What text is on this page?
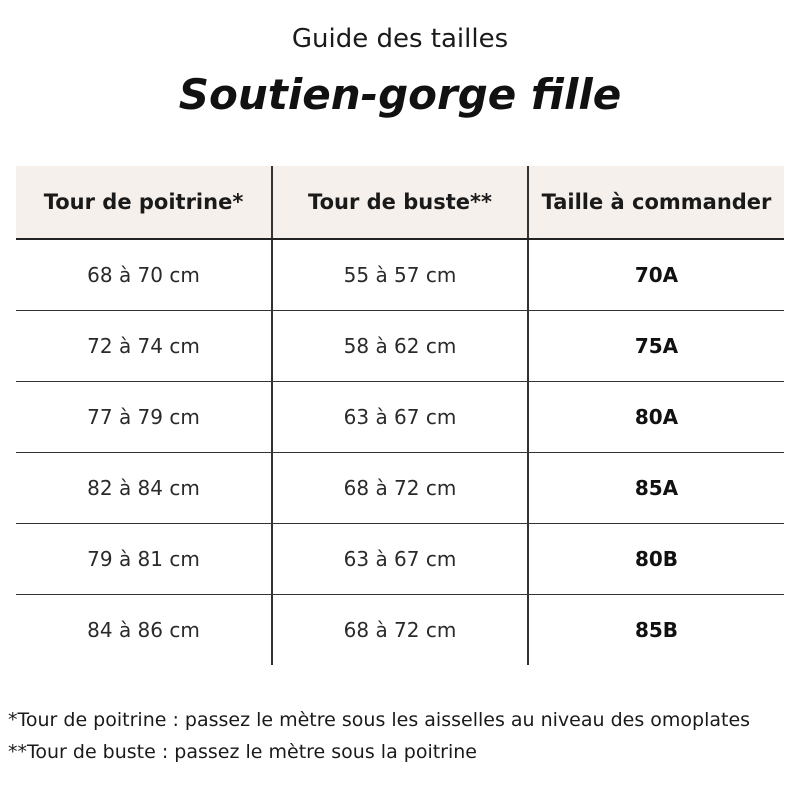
Guide des tailles
Soutien-gorge fille
Tour de poitrine*	Tour de buste**	Taille à commander
68 à 70 cm	55 à 57 cm	70A
72 à 74 cm	58 à 62 cm	75A
77 à 79 cm	63 à 67 cm	80A
82 à 84 cm	68 à 72 cm	85A
79 à 81 cm	63 à 67 cm	80B
84 à 86 cm	68 à 72 cm	85B
*Tour de poitrine : passez le mètre sous les aisselles au niveau des omoplates
**Tour de buste : passez le mètre sous la poitrine
